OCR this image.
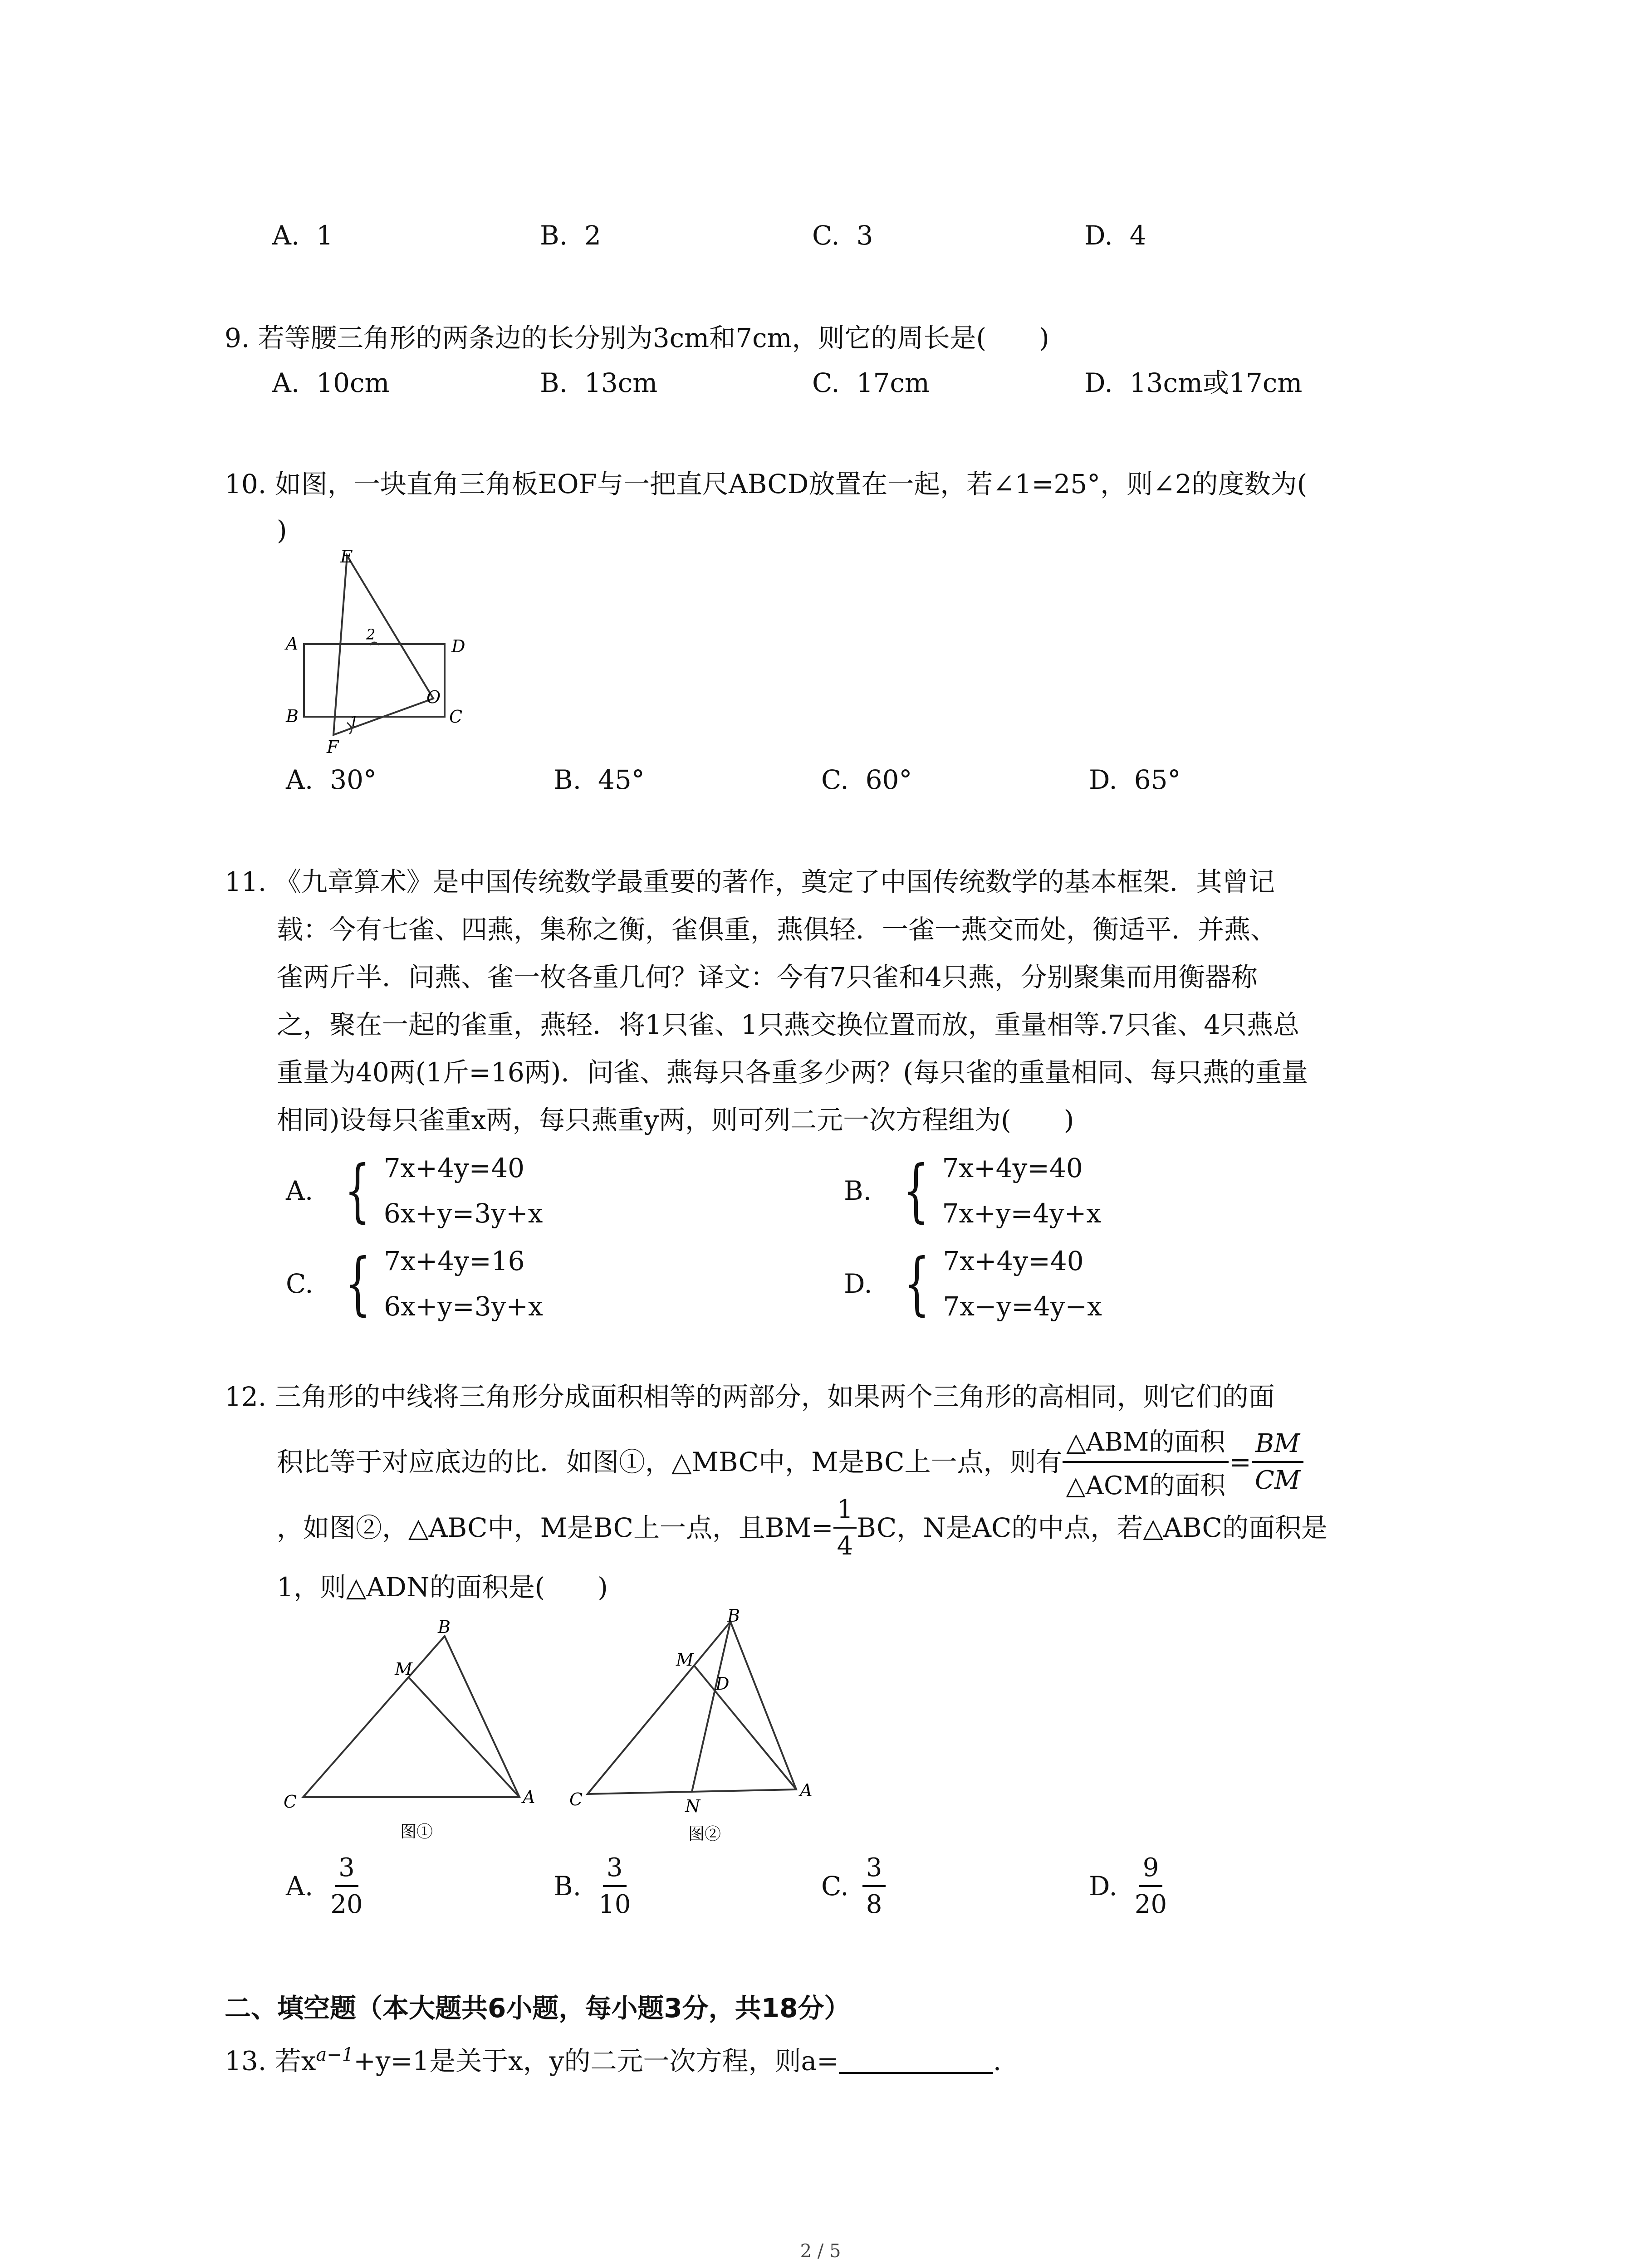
A. 1	B. 2	C. 3	D. 4
9. 若等腰三角形的两条边的长分别为3cm和7cm，则它的周长是(　　)
A. 10cm	B. 13cm	C. 17cm	D. 13cm或17cm
10. 如图，一块直角三角板EOF与一把直尺ABCD放置在一起，若∠1=25°，则∠2的度数为(
)
E
A	D
B	C
F
O
1
2
A. 30°	B. 45°	C. 60°	D. 65°
11. 《九章算术》是中国传统数学最重要的著作，奠定了中国传统数学的基本框架．其曾记
载：今有七雀、四燕，集称之衡，雀俱重，燕俱轻．一雀一燕交而处，衡适平．并燕、
雀两斤半．问燕、雀一枚各重几何？译文：今有7只雀和4只燕，分别聚集而用衡器称
之，聚在一起的雀重，燕轻．将1只雀、1只燕交换位置而放，重量相等.7只雀、4只燕总
重量为40两(1斤=16两)．问雀、燕每只各重多少两？(每只雀的重量相同、每只燕的重量
相同)设每只雀重x两，每只燕重y两，则可列二元一次方程组为(　　)
A. { 7x+4y=40
6x+y=3y+x
B. { 7x+4y=40
7x+y=4y+x
C. { 7x+4y=16
6x+y=3y+x
D. { 7x+4y=40
7x−y=4y−x
12. 三角形的中线将三角形分成面积相等的两部分，如果两个三角形的高相同，则它们的面
积比等于对应底边的比．如图①，△MBC中，M是BC上一点，则有 $\frac{\text{△ABM的面积}}{\text{△ACM的面积}} = \frac{BM}{CM}$
，如图②，△ABC中，M是BC上一点，且$BM= \frac{1}{4}$ BC，N是AC的中点，若△ABC的面积是
1，则△ADN的面积是(　　)
B
M
C	A
图①
B
M
D
C	N
A
图②
A. $\frac{3}{20}$	B. $\frac{3}{10}$	C. $\frac{3}{8}$	D. $\frac{9}{20}$
二、填空题（本大题共6小题，每小题3分，共18分）
13. 若$x^{a-1}+y=1$是关于x，y的二元一次方程，则a=	.
2 / 5
